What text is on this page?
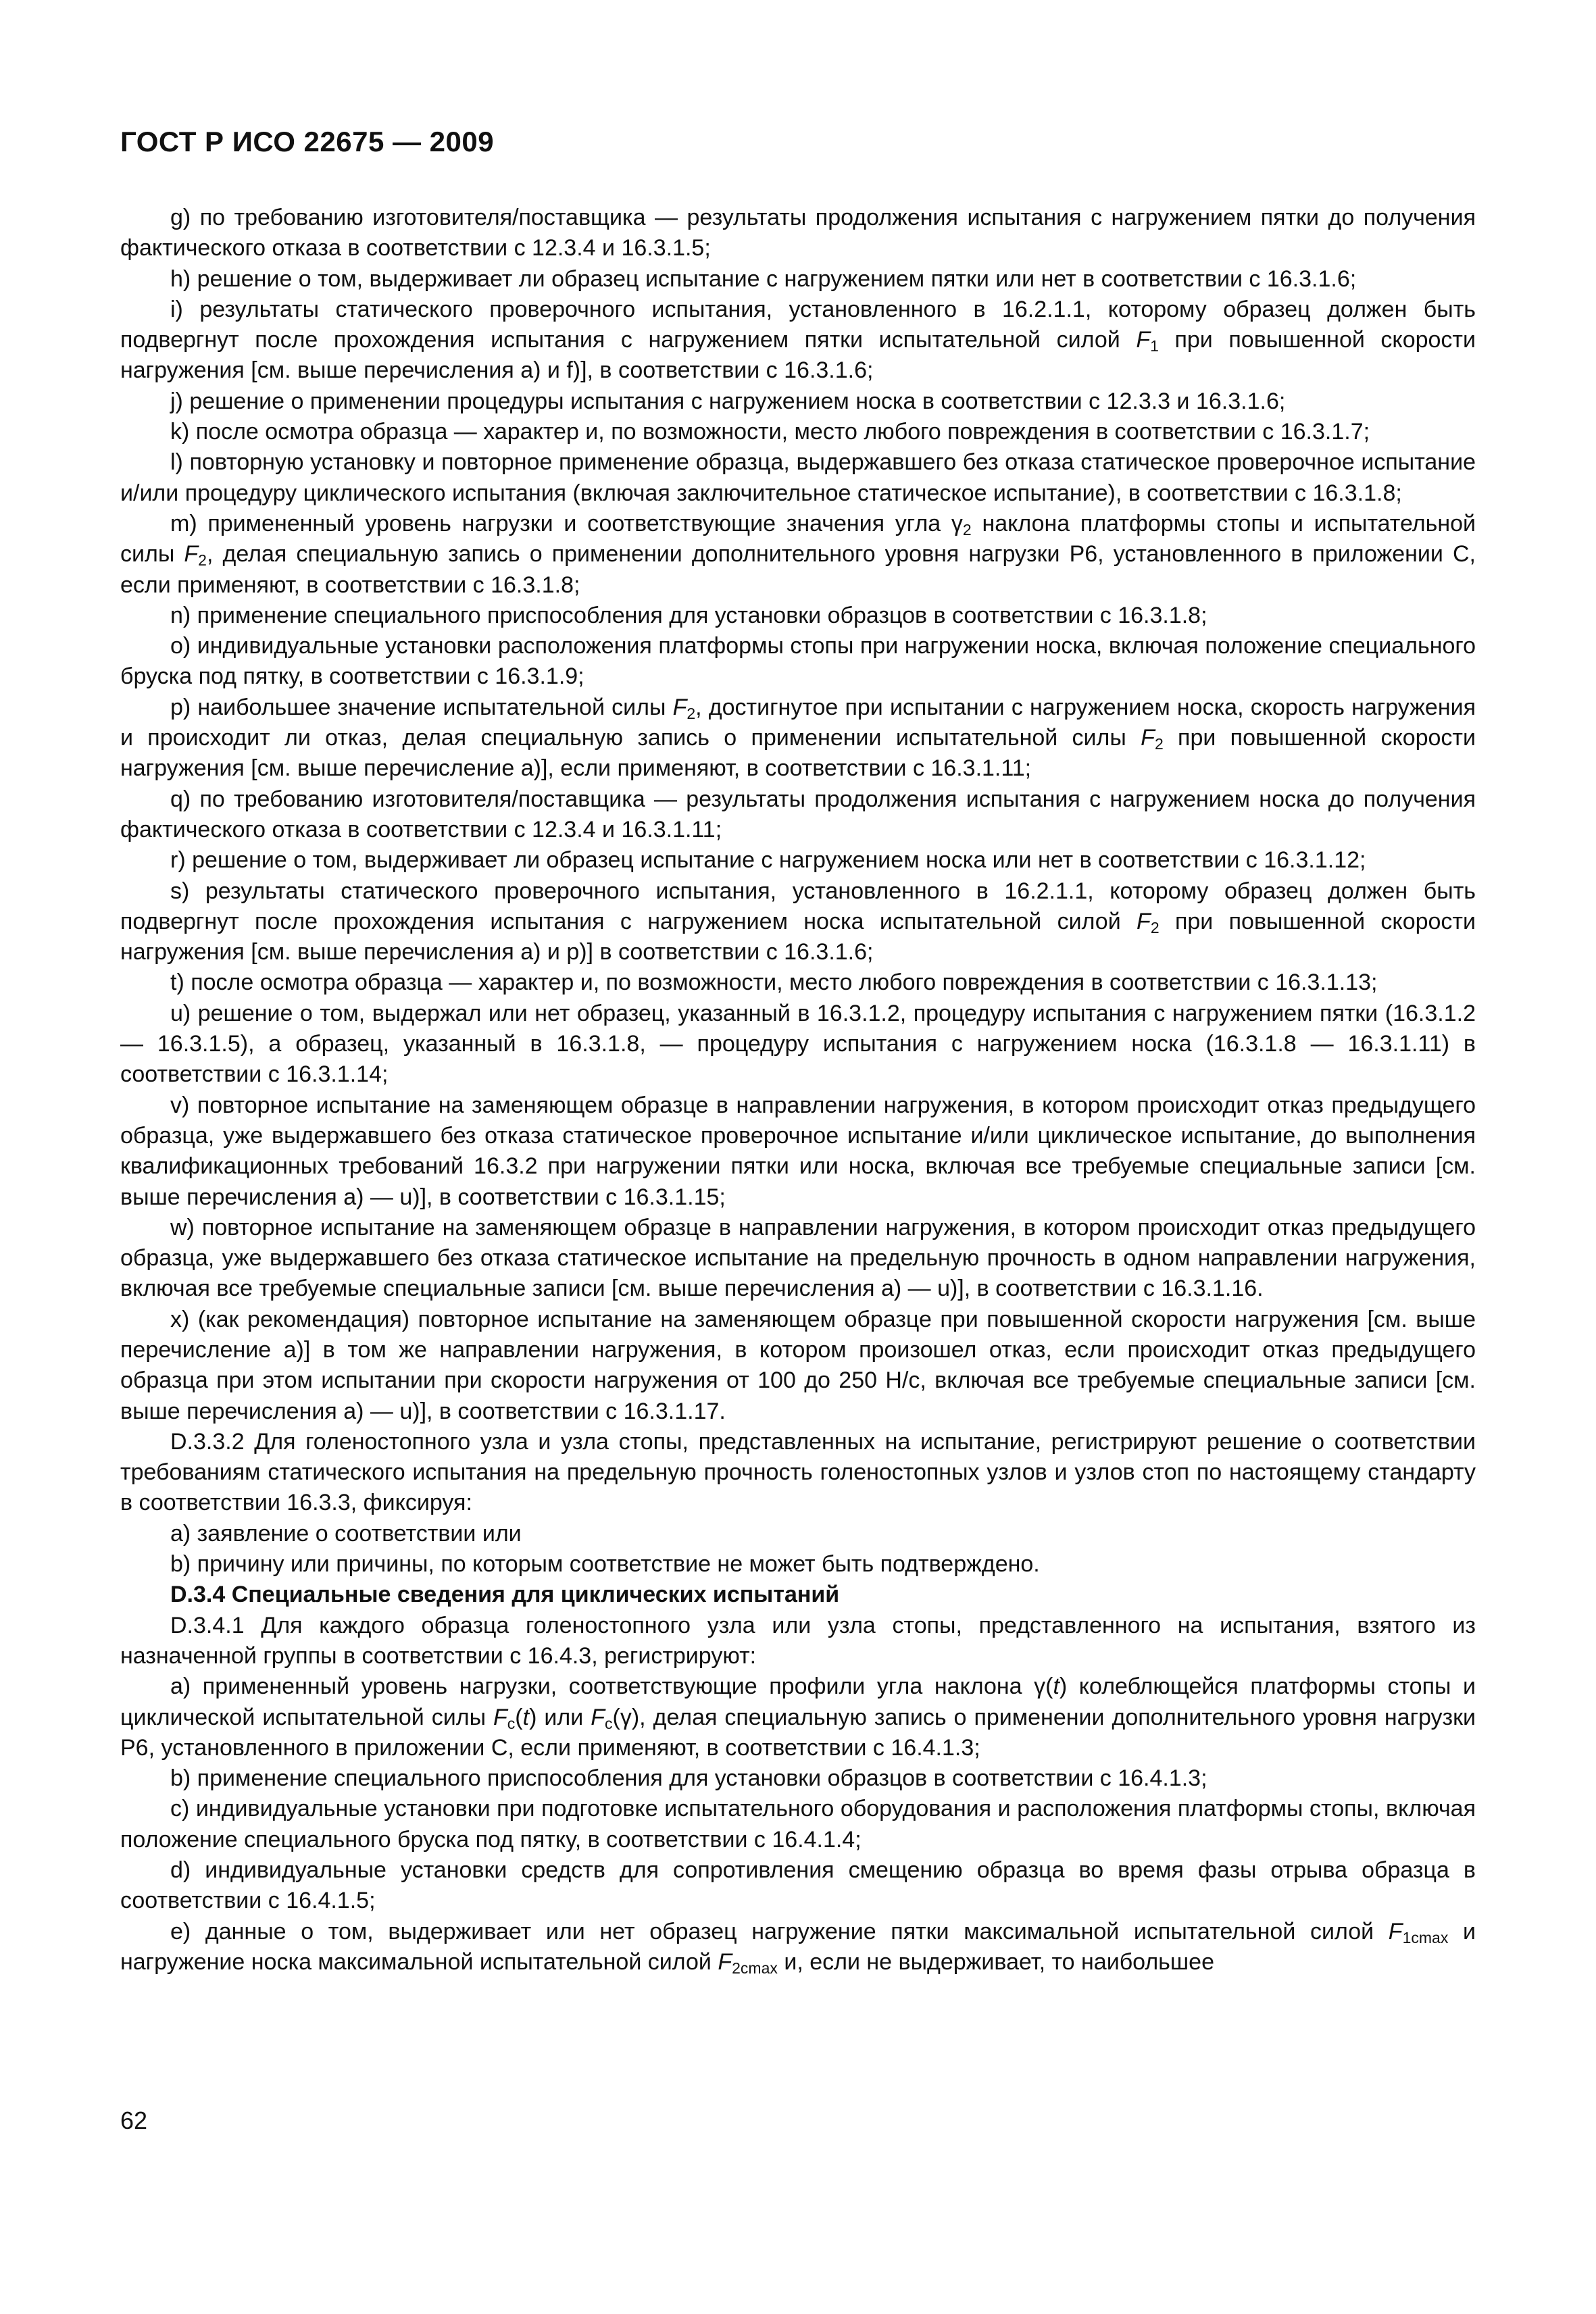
ГОСТ Р ИСО 22675 — 2009

g) по требованию изготовителя/поставщика — результаты продолжения испытания с нагружением пятки до получения фактического отказа в соответствии с 12.3.4 и 16.3.1.5;

h) решение о том, выдерживает ли образец испытание с нагружением пятки или нет в соответствии с 16.3.1.6;

i) результаты статического проверочного испытания, установленного в 16.2.1.1, которому образец должен быть подвергнут после прохождения испытания с нагружением пятки испытательной силой $F_1$ при повышенной скорости нагружения [см. выше перечисления a) и f)], в соответствии с 16.3.1.6;

j) решение о применении процедуры испытания с нагружением носка в соответствии с 12.3.3 и 16.3.1.6;

k) после осмотра образца — характер и, по возможности, место любого повреждения в соответствии с 16.3.1.7;

l) повторную установку и повторное применение образца, выдержавшего без отказа статическое проверочное испытание и/или процедуру циклического испытания (включая заключительное статическое испытание), в соответствии с 16.3.1.8;

m) примененный уровень нагрузки и соответствующие значения угла $\gamma_2$ наклона платформы стопы и испытательной силы $F_2$, делая специальную запись о применении дополнительного уровня нагрузки Р6, установленного в приложении С, если применяют, в соответствии с 16.3.1.8;

n) применение специального приспособления для установки образцов в соответствии с 16.3.1.8;

o) индивидуальные установки расположения платформы стопы при нагружении носка, включая положение специального бруска под пятку, в соответствии с 16.3.1.9;

p) наибольшее значение испытательной силы $F_2$, достигнутое при испытании с нагружением носка, скорость нагружения и происходит ли отказ, делая специальную запись о применении испытательной силы $F_2$ при повышенной скорости нагружения [см. выше перечисление a)], если применяют, в соответствии с 16.3.1.11;

q) по требованию изготовителя/поставщика — результаты продолжения испытания с нагружением носка до получения фактического отказа в соответствии с 12.3.4 и 16.3.1.11;

r) решение о том, выдерживает ли образец испытание с нагружением носка или нет в соответствии с 16.3.1.12;

s) результаты статического проверочного испытания, установленного в 16.2.1.1, которому образец должен быть подвергнут после прохождения испытания с нагружением носка испытательной силой $F_2$ при повышенной скорости нагружения [см. выше перечисления a) и p)] в соответствии с 16.3.1.6;

t) после осмотра образца — характер и, по возможности, место любого повреждения в соответствии с 16.3.1.13;

u) решение о том, выдержал или нет образец, указанный в 16.3.1.2, процедуру испытания с нагружением пятки (16.3.1.2 — 16.3.1.5), а образец, указанный в 16.3.1.8, — процедуру испытания с нагружением носка (16.3.1.8 — 16.3.1.11) в соответствии с 16.3.1.14;

v) повторное испытание на заменяющем образце в направлении нагружения, в котором происходит отказ предыдущего образца, уже выдержавшего без отказа статическое проверочное испытание и/или циклическое испытание, до выполнения квалификационных требований 16.3.2 при нагружении пятки или носка, включая все требуемые специальные записи [см. выше перечисления a) — u)], в соответствии с 16.3.1.15;

w) повторное испытание на заменяющем образце в направлении нагружения, в котором происходит отказ предыдущего образца, уже выдержавшего без отказа статическое испытание на предельную прочность в одном направлении нагружения, включая все требуемые специальные записи [см. выше перечисления a) — u)], в соответствии с 16.3.1.16.

x) (как рекомендация) повторное испытание на заменяющем образце при повышенной скорости нагружения [см. выше перечисление a)] в том же направлении нагружения, в котором произошел отказ, если происходит отказ предыдущего образца при этом испытании при скорости нагружения от 100 до 250 Н/с, включая все требуемые специальные записи [см. выше перечисления a) — u)], в соответствии с 16.3.1.17.

D.3.3.2 Для голеностопного узла и узла стопы, представленных на испытание, регистрируют решение о соответствии требованиям статического испытания на предельную прочность голеностопных узлов и узлов стоп по настоящему стандарту в соответствии 16.3.3, фиксируя:

a) заявление о соответствии или

b) причину или причины, по которым соответствие не может быть подтверждено.

D.3.4 Специальные сведения для циклических испытаний

D.3.4.1 Для каждого образца голеностопного узла или узла стопы, представленного на испытания, взятого из назначенной группы в соответствии с 16.4.3, регистрируют:

a) примененный уровень нагрузки, соответствующие профили угла наклона γ(t) колеблющейся платформы стопы и циклической испытательной силы $F_c(t)$ или $F_c(\gamma)$, делая специальную запись о применении дополнительного уровня нагрузки Р6, установленного в приложении С, если применяют, в соответствии с 16.4.1.3;

b) применение специального приспособления для установки образцов в соответствии с 16.4.1.3;

c) индивидуальные установки при подготовке испытательного оборудования и расположения платформы стопы, включая положение специального бруска под пятку, в соответствии с 16.4.1.4;

d) индивидуальные установки средств для сопротивления смещению образца во время фазы отрыва образца в соответствии с 16.4.1.5;

e) данные о том, выдерживает или нет образец нагружение пятки максимальной испытательной силой $F_{1cmax}$ и нагружение носка максимальной испытательной силой $F_{2cmax}$ и, если не выдерживает, то наибольшее

62
